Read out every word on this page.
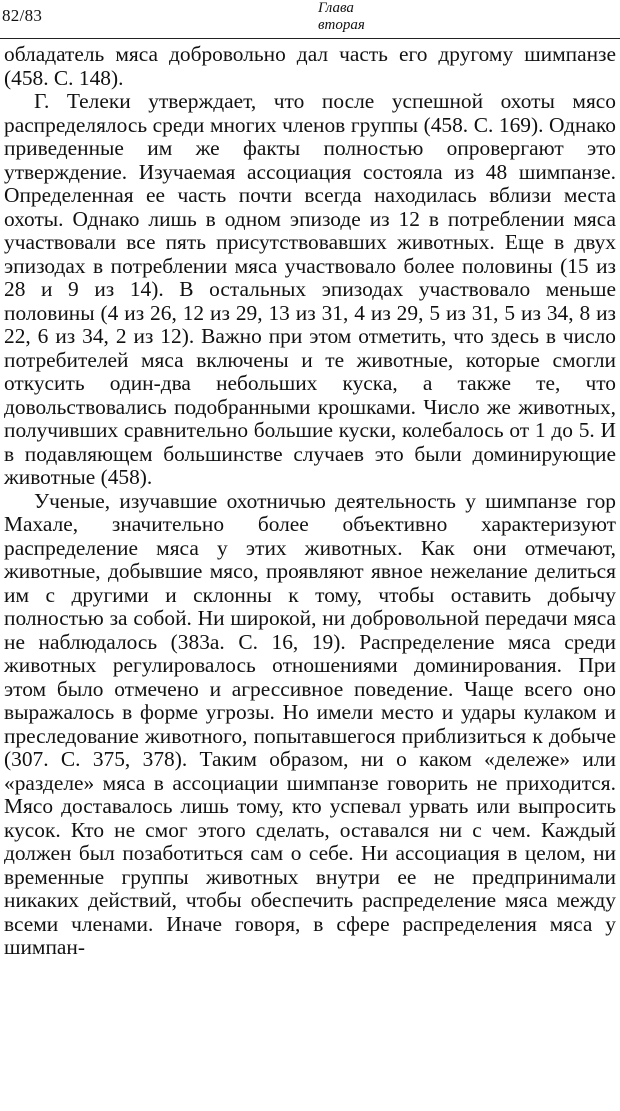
82/83	Глава
вторая

обладатель мяса добровольно дал часть его другому шимпанзе (458. С. 148).

Г. Телеки утверждает, что после успешной охоты мясо распределялось среди многих членов группы (458. С. 169). Однако приведенные им же факты полностью опровергают это утверждение. Изучаемая ассоциация состояла из 48 шимпанзе. Определенная ее часть почти всегда находилась вблизи места охоты. Однако лишь в одном эпизоде из 12 в потреблении мяса участвовали все пять присутствовавших животных. Еще в двух эпизодах в потреблении мяса участвовало более половины (15 из 28 и 9 из 14). В остальных эпизодах участвовало меньше половины (4 из 26, 12 из 29, 13 из 31, 4 из 29, 5 из 31, 5 из 34, 8 из 22, 6 из 34, 2 из 12). Важно при этом отметить, что здесь в число потребителей мяса включены и те животные, которые смогли откусить один-два небольших куска, а также те, что довольствовались подобранными крошками. Число же животных, получивших сравнительно большие куски, колебалось от 1 до 5. И в подавляющем большинстве случаев это были доминирующие животные (458).

Ученые, изучавшие охотничью деятельность у шимпанзе гор Махале, значительно более объективно характеризуют распределение мяса у этих животных. Как они отмечают, животные, добывшие мясо, проявляют явное нежелание делиться им с другими и склонны к тому, чтобы оставить добычу полностью за собой. Ни широкой, ни добровольной передачи мяса не наблюдалось (383а. С. 16, 19). Распределение мяса среди животных регулировалось отношениями доминирования. При этом было отмечено и агрессивное поведение. Чаще всего оно выражалось в форме угрозы. Но имели место и удары кулаком и преследование животного, попытавшегося приблизиться к добыче (307. С. 375, 378). Таким образом, ни о каком «дележе» или «разделе» мяса в ассоциации шимпанзе говорить не приходится. Мясо доставалось лишь тому, кто успевал урвать или выпросить кусок. Кто не смог этого сделать, оставался ни с чем. Каждый должен был позаботиться сам о себе. Ни ассоциация в целом, ни временные группы животных внутри ее не предпринимали никаких действий, чтобы обеспечить распределение мяса между всеми членами. Иначе говоря, в сфере распределения мяса у шимпан-
